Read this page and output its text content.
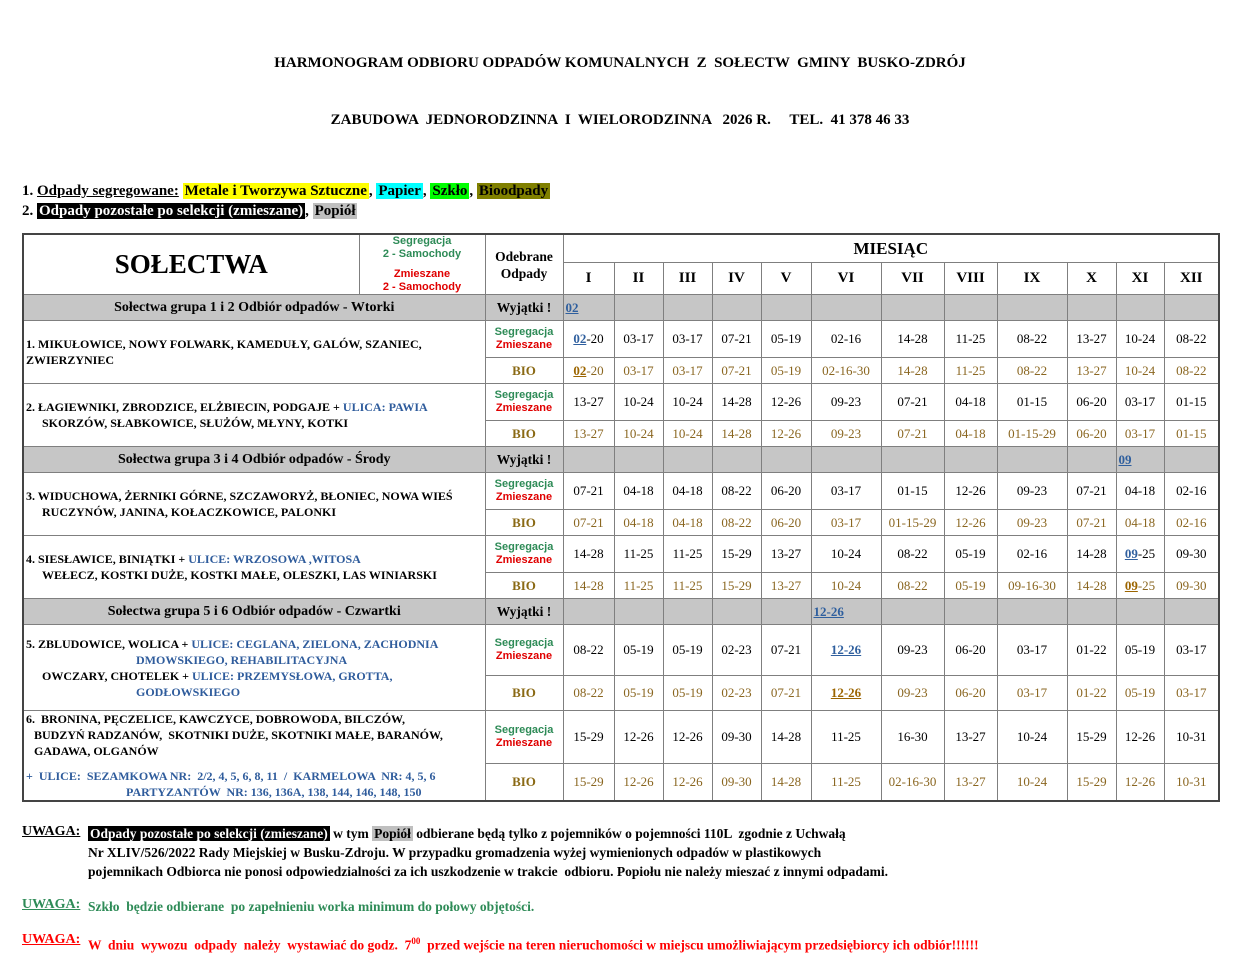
HARMONOGRAM ODBIORU ODPADÓW KOMUNALNYCH  Z  SOŁECTW  GMINY  BUSKO-ZDRÓJ

ZABUDOWA  JEDNORODZINNA  I  WIELORODZINNA   2026 R.     TEL.  41 378 46 33

1. Odpady segregowane: Metale i Tworzywa Sztuczne , Papier , Szkło , Bioodpady
2. Odpady pozostałe po selekcji (zmieszane) , Popiół
SOŁECTWA	
Segregacja
2 - Samochody
Zmieszane
2 - Samochody

Odebrane
Odpady
	MIESIĄC
			I	II	III	IV	V	VI	VII	VIII	IX	X	XI	XII
Sołectwa grupa 1 i 2 Odbiór odpadów - Wtorki		Wyjątki !	02											

1. MIKUŁOWICE, NOWY FOLWARK, KAMEDUŁY, GALÓW, SZANIEC, ZWIERZYNIEC		Segregacja
Zmieszane	02-20	03-17	03-17	07-21	05-19	02-16	14-28	11-25	08-22	13-27	10-24	08-22
		BIO	02-20	03-17	03-17	07-21	05-19	02-16-30	14-28	11-25	08-22	13-27	10-24	08-22

2. ŁAGIEWNIKI, ZBRODZICE, ELŻBIECIN, PODGAJE + ULICA: PAWIA
SKORZÓW, SŁABKOWICE, SŁUŻÓW, MŁYNY, KOTKI

Segregacja
Zmieszane	13-27	10-24	10-24	14-28	12-26	09-23	07-21	04-18	01-15	06-20	03-17	01-15
		BIO	13-27	10-24	10-24	14-28	12-26	09-23	07-21	04-18	01-15-29	06-20	03-17	01-15
Sołectwa grupa 3 i 4 Odbiór odpadów - Środy		Wyjątki !											09	

3. WIDUCHOWA, ŻERNIKI GÓRNE, SZCZAWORYŻ, BŁONIEC, NOWA WIEŚ
RUCZYNÓW, JANINA, KOŁACZKOWICE, PALONKI

Segregacja
Zmieszane	07-21	04-18	04-18	08-22	06-20	03-17	01-15	12-26	09-23	07-21	04-18	02-16
		BIO	07-21	04-18	04-18	08-22	06-20	03-17	01-15-29	12-26	09-23	07-21	04-18	02-16

4. SIESŁAWICE, BINIĄTKI + ULICE: WRZOSOWA ,WITOSA
WEŁECZ, KOSTKI DUŻE, KOSTKI MAŁE, OLESZKI, LAS WINIARSKI

Segregacja
Zmieszane	14-28	11-25	11-25	15-29	13-27	10-24	08-22	05-19	02-16	14-28	09-25	09-30
		BIO	14-28	11-25	11-25	15-29	13-27	10-24	08-22	05-19	09-16-30	14-28	09-25	09-30
Sołectwa grupa 5 i 6 Odbiór odpadów - Czwartki		Wyjątki !						12-26						

5. ZBLUDOWICE, WOLICA + ULICE: CEGLANA, ZIELONA, ZACHODNIA
DMOWSKIEGO, REHABILITACYJNA
OWCZARY, CHOTELEK + ULICE: PRZEMYSŁOWA, GROTTA,
GODŁOWSKIEGO

Segregacja
Zmieszane	08-22	05-19	05-19	02-23	07-21	12-26	09-23	06-20	03-17	01-22	05-19	03-17
		BIO	08-22	05-19	05-19	02-23	07-21	12-26	09-23	06-20	03-17	01-22	05-19	03-17

6.  BRONINA, PĘCZELICE, KAWCZYCE, DOBROWODA, BILCZÓW,
BUDZYŃ RADZANÓW,  SKOTNIKI DUŻE, SKOTNIKI MAŁE, BARANÓW,
GADAWA, OLGANÓW
+  ULICE:  SEZAMKOWA NR:  2/2, 4, 5, 6, 8, 11  /  KARMELOWA  NR: 4, 5, 6
PARTYZANTÓW  NR: 136, 136A, 138, 144, 146, 148, 150

Segregacja
Zmieszane	15-29	12-26	12-26	09-30	14-28	11-25	16-30	13-27	10-24	15-29	12-26	10-31
		BIO	15-29	12-26	12-26	09-30	14-28	11-25	02-16-30	13-27	10-24	15-29	12-26	10-31
UWAGA: Odpady pozostałe po selekcji (zmieszane) w tym Popiół odbierane będą tylko z pojemników o pojemności 110L  zgodnie z Uchwałą
Nr XLIV/526/2022 Rady Miejskiej w Busku-Zdroju. W przypadku gromadzenia wyżej wymienionych odpadów w plastikowych
pojemnikach Odbiorca nie ponosi odpowiedzialności za ich uszkodzenie w trakcie  odbioru. Popiołu nie należy mieszać z innymi odpadami.
UWAGA: Szkło  będzie odbierane  po zapełnieniu worka minimum do połowy objętości.
UWAGA: W  dniu  wywozu  odpady  należy  wystawiać do godz.  $7^{00}$  przed wejście na teren nieruchomości w miejscu umożliwiającym przedsiębiorcy ich odbiór!!!!!!
